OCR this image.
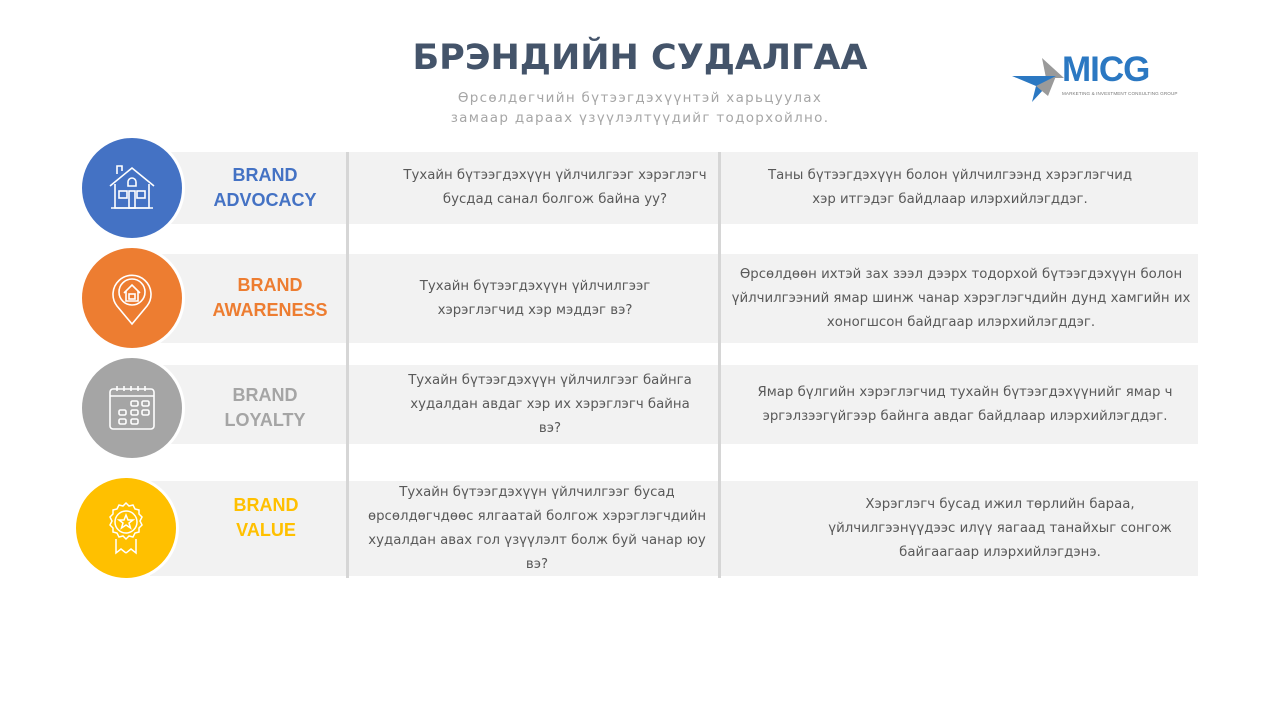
БРЭНДИЙН СУДАЛГАА
Өрсөлдөгчийн бүтээгдэхүүнтэй харьцуулах
замаар дараах үзүүлэлтүүдийг тодорхойлно.
MICG
MARKETING & INVESTMENT CONSULTING GROUP
BRAND
ADVOCACY
Тухайн бүтээгдэхүүн үйлчилгээг хэрэглэгч бусдад санал болгож байна уу?
Таны бүтээгдэхүүн болон үйлчилгээнд хэрэглэгчид хэр итгэдэг байдлаар илэрхийлэгддэг.
BRAND
AWARENESS
Тухайн бүтээгдэхүүн үйлчилгээг хэрэглэгчид хэр мэддэг вэ?
Өрсөлдөөн ихтэй зах зээл дээрх тодорхой бүтээгдэхүүн болон үйлчилгээний ямар шинж чанар хэрэглэгчдийн дунд хамгийн их хоногшсон байдгаар илэрхийлэгддэг.
BRAND
LOYALTY
Тухайн бүтээгдэхүүн үйлчилгээг байнга худалдан авдаг хэр их хэрэглэгч байна вэ?
Ямар бүлгийн хэрэглэгчид тухайн бүтээгдэхүүнийг ямар ч эргэлзээгүйгээр байнга авдаг байдлаар илэрхийлэгддэг.
BRAND
VALUE
Тухайн бүтээгдэхүүн үйлчилгээг бусад өрсөлдөгчдөөс ялгаатай болгож хэрэглэгчдийн худалдан авах гол үзүүлэлт болж буй чанар юу вэ?
Хэрэглэгч бусад ижил төрлийн бараа, үйлчилгээнүүдээс илүү яагаад танайхыг сонгож байгаагаар илэрхийлэгдэнэ.
